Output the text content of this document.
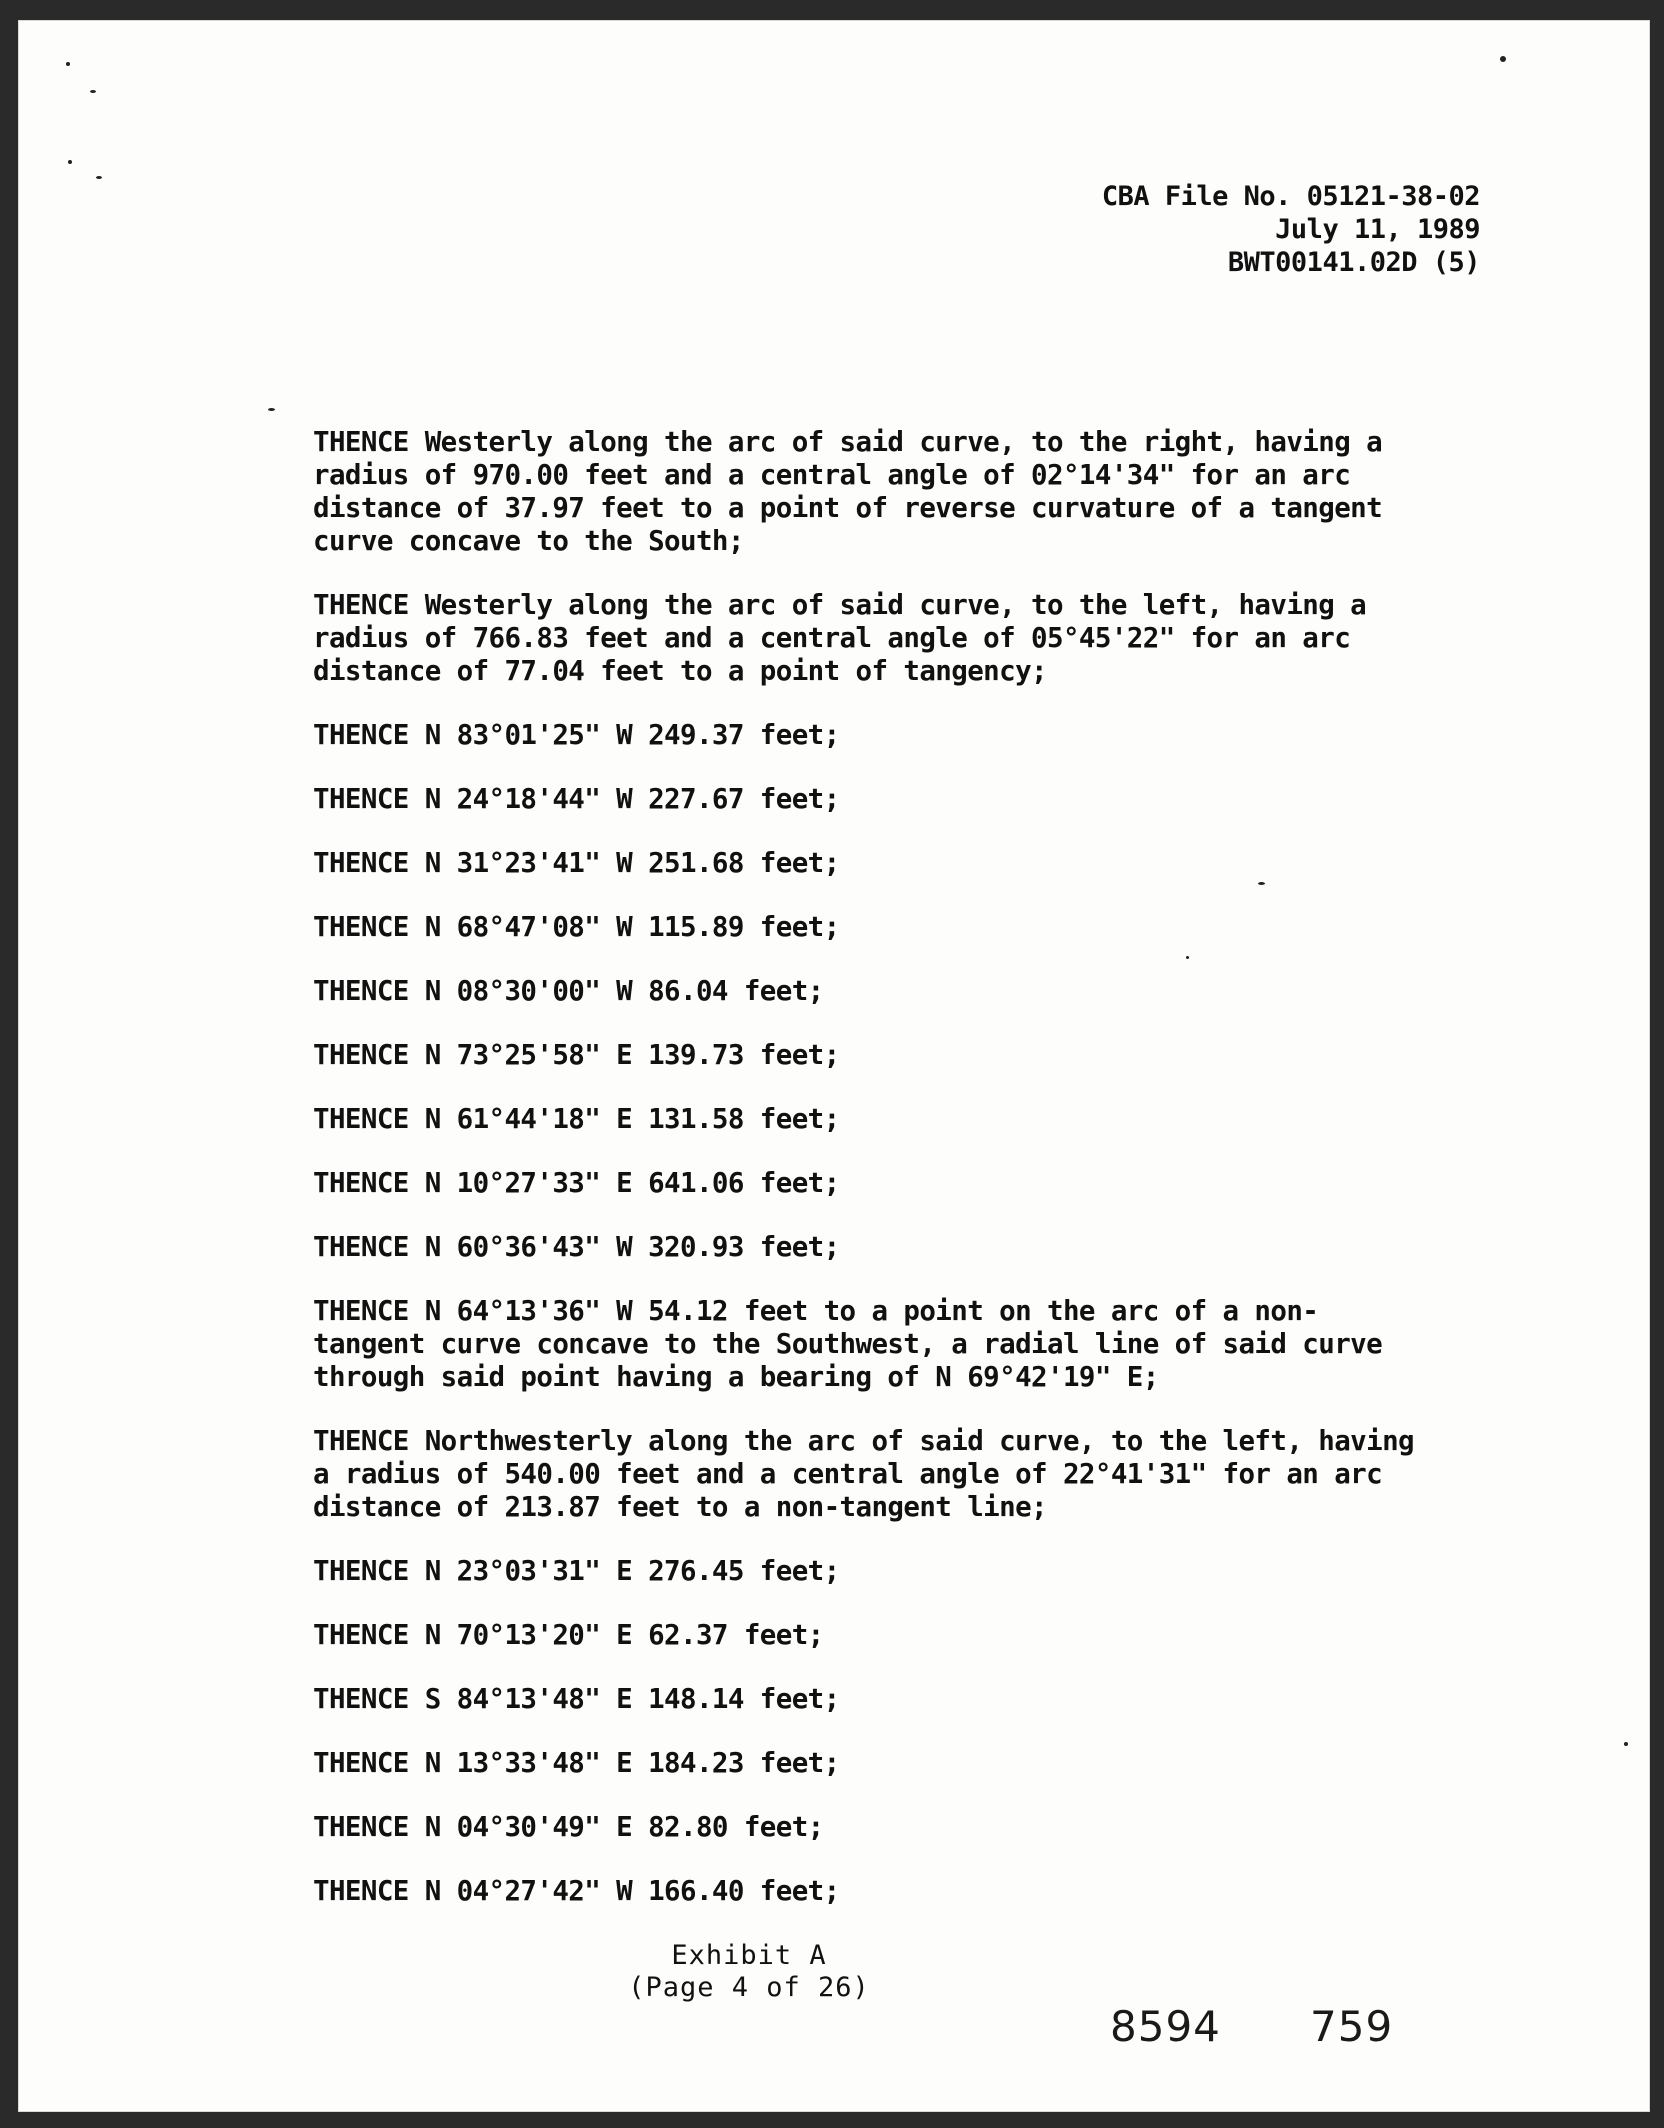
CBA File No. 05121-38-02
July 11, 1989
BWT00141.02D (5)
THENCE Westerly along the arc of said curve, to the right, having a
radius of 970.00 feet and a central angle of 02°14'34" for an arc
distance of 37.97 feet to a point of reverse curvature of a tangent
curve concave to the South;
THENCE Westerly along the arc of said curve, to the left, having a
radius of 766.83 feet and a central angle of 05°45'22" for an arc
distance of 77.04 feet to a point of tangency;
THENCE N 83°01'25" W 249.37 feet;
THENCE N 24°18'44" W 227.67 feet;
THENCE N 31°23'41" W 251.68 feet;
THENCE N 68°47'08" W 115.89 feet;
THENCE N 08°30'00" W 86.04 feet;
THENCE N 73°25'58" E 139.73 feet;
THENCE N 61°44'18" E 131.58 feet;
THENCE N 10°27'33" E 641.06 feet;
THENCE N 60°36'43" W 320.93 feet;
THENCE N 64°13'36" W 54.12 feet to a point on the arc of a non-
tangent curve concave to the Southwest, a radial line of said curve
through said point having a bearing of N 69°42'19" E;
THENCE Northwesterly along the arc of said curve, to the left, having
a radius of 540.00 feet and a central angle of 22°41'31" for an arc
distance of 213.87 feet to a non-tangent line;
THENCE N 23°03'31" E 276.45 feet;
THENCE N 70°13'20" E 62.37 feet;
THENCE S 84°13'48" E 148.14 feet;
THENCE N 13°33'48" E 184.23 feet;
THENCE N 04°30'49" E 82.80 feet;
THENCE N 04°27'42" W 166.40 feet;
Exhibit A
(Page 4 of 26)
8594 759
